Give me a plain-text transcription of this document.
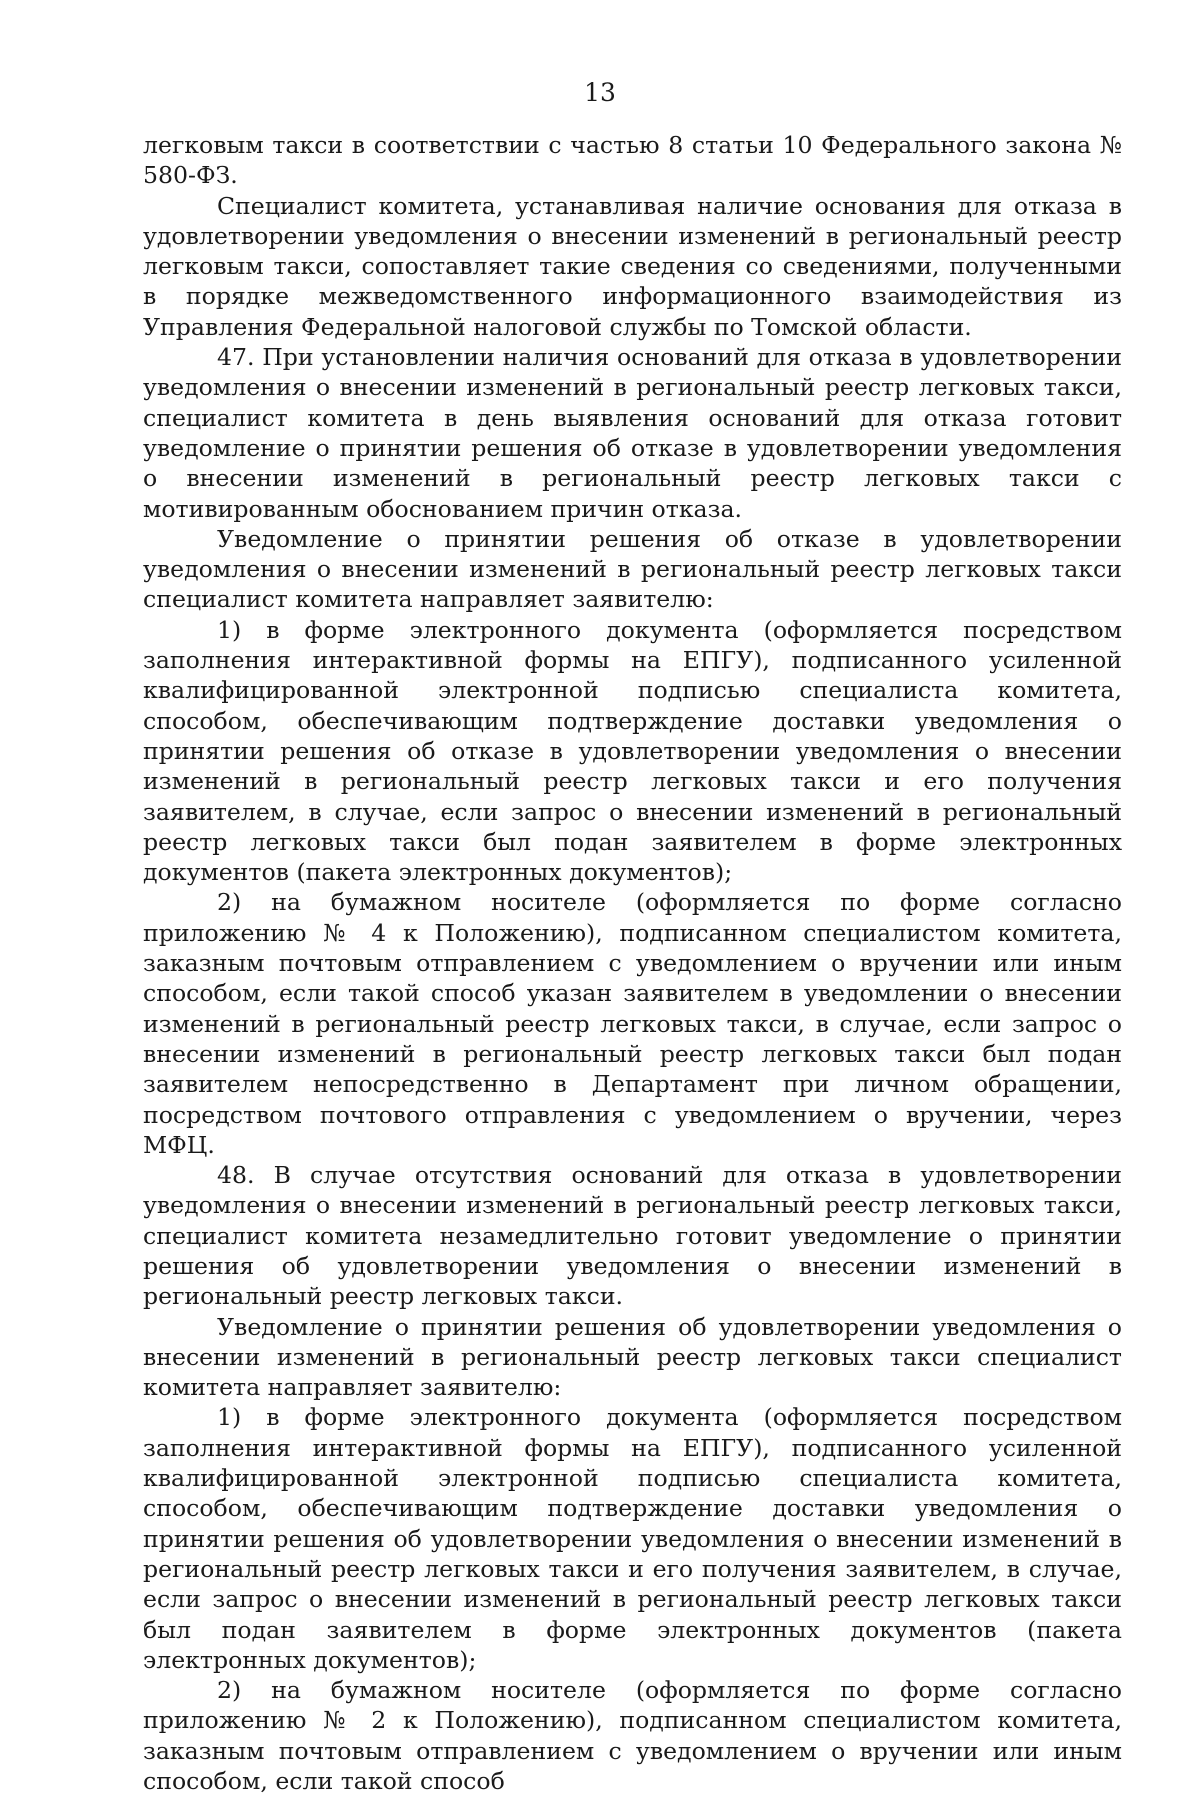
13

легковым такси в соответствии с частью 8 статьи 10 Федерального закона № 580-ФЗ.

Специалист комитета, устанавливая наличие основания для отказа в удовлетворении уведомления о внесении изменений в региональный реестр легковым такси, сопоставляет такие сведения со сведениями, полученными в порядке межведомственного информационного взаимодействия из Управления Федеральной налоговой службы по Томской области.

47. При установлении наличия оснований для отказа в удовлетворении уведомления о внесении изменений в региональный реестр легковых такси, специалист комитета в день выявления оснований для отказа готовит уведомление о принятии решения об отказе в удовлетворении уведомления о внесении изменений в региональный реестр легковых такси с мотивированным обоснованием причин отказа.

Уведомление о принятии решения об отказе в удовлетворении уведомления о внесении изменений в региональный реестр легковых такси специалист комитета направляет заявителю:

1) в форме электронного документа (оформляется посредством заполнения интерактивной формы на ЕПГУ), подписанного усиленной квалифицированной электронной подписью специалиста комитета, способом, обеспечивающим подтверждение доставки уведомления о принятии решения об отказе в удовлетворении уведомления о внесении изменений в региональный реестр легковых такси и его получения заявителем, в случае, если запрос о внесении изменений в региональный реестр легковых такси был подан заявителем в форме электронных документов (пакета электронных документов);

2) на бумажном носителе (оформляется по форме согласно приложению № 4 к Положению), подписанном специалистом комитета, заказным почтовым отправлением с уведомлением о вручении или иным способом, если такой способ указан заявителем в уведомлении о внесении изменений в региональный реестр легковых такси, в случае, если запрос о внесении изменений в региональный реестр легковых такси был подан заявителем непосредственно в Департамент при личном обращении, посредством почтового отправления с уведомлением о вручении, через МФЦ.

48. В случае отсутствия оснований для отказа в удовлетворении уведомления о внесении изменений в региональный реестр легковых такси, специалист комитета незамедлительно готовит уведомление о принятии решения об удовлетворении уведомления о внесении изменений в региональный реестр легковых такси.

Уведомление о принятии решения об удовлетворении уведомления о внесении изменений в региональный реестр легковых такси специалист комитета направляет заявителю:

1) в форме электронного документа (оформляется посредством заполнения интерактивной формы на ЕПГУ), подписанного усиленной квалифицированной электронной подписью специалиста комитета, способом, обеспечивающим подтверждение доставки уведомления о принятии решения об удовлетворении уведомления о внесении изменений в региональный реестр легковых такси и его получения заявителем, в случае, если запрос о внесении изменений в региональный реестр легковых такси был подан заявителем в форме электронных документов (пакета электронных документов);

2) на бумажном носителе (оформляется по форме согласно приложению № 2 к Положению), подписанном специалистом комитета, заказным почтовым отправлением с уведомлением о вручении или иным способом, если такой способ
